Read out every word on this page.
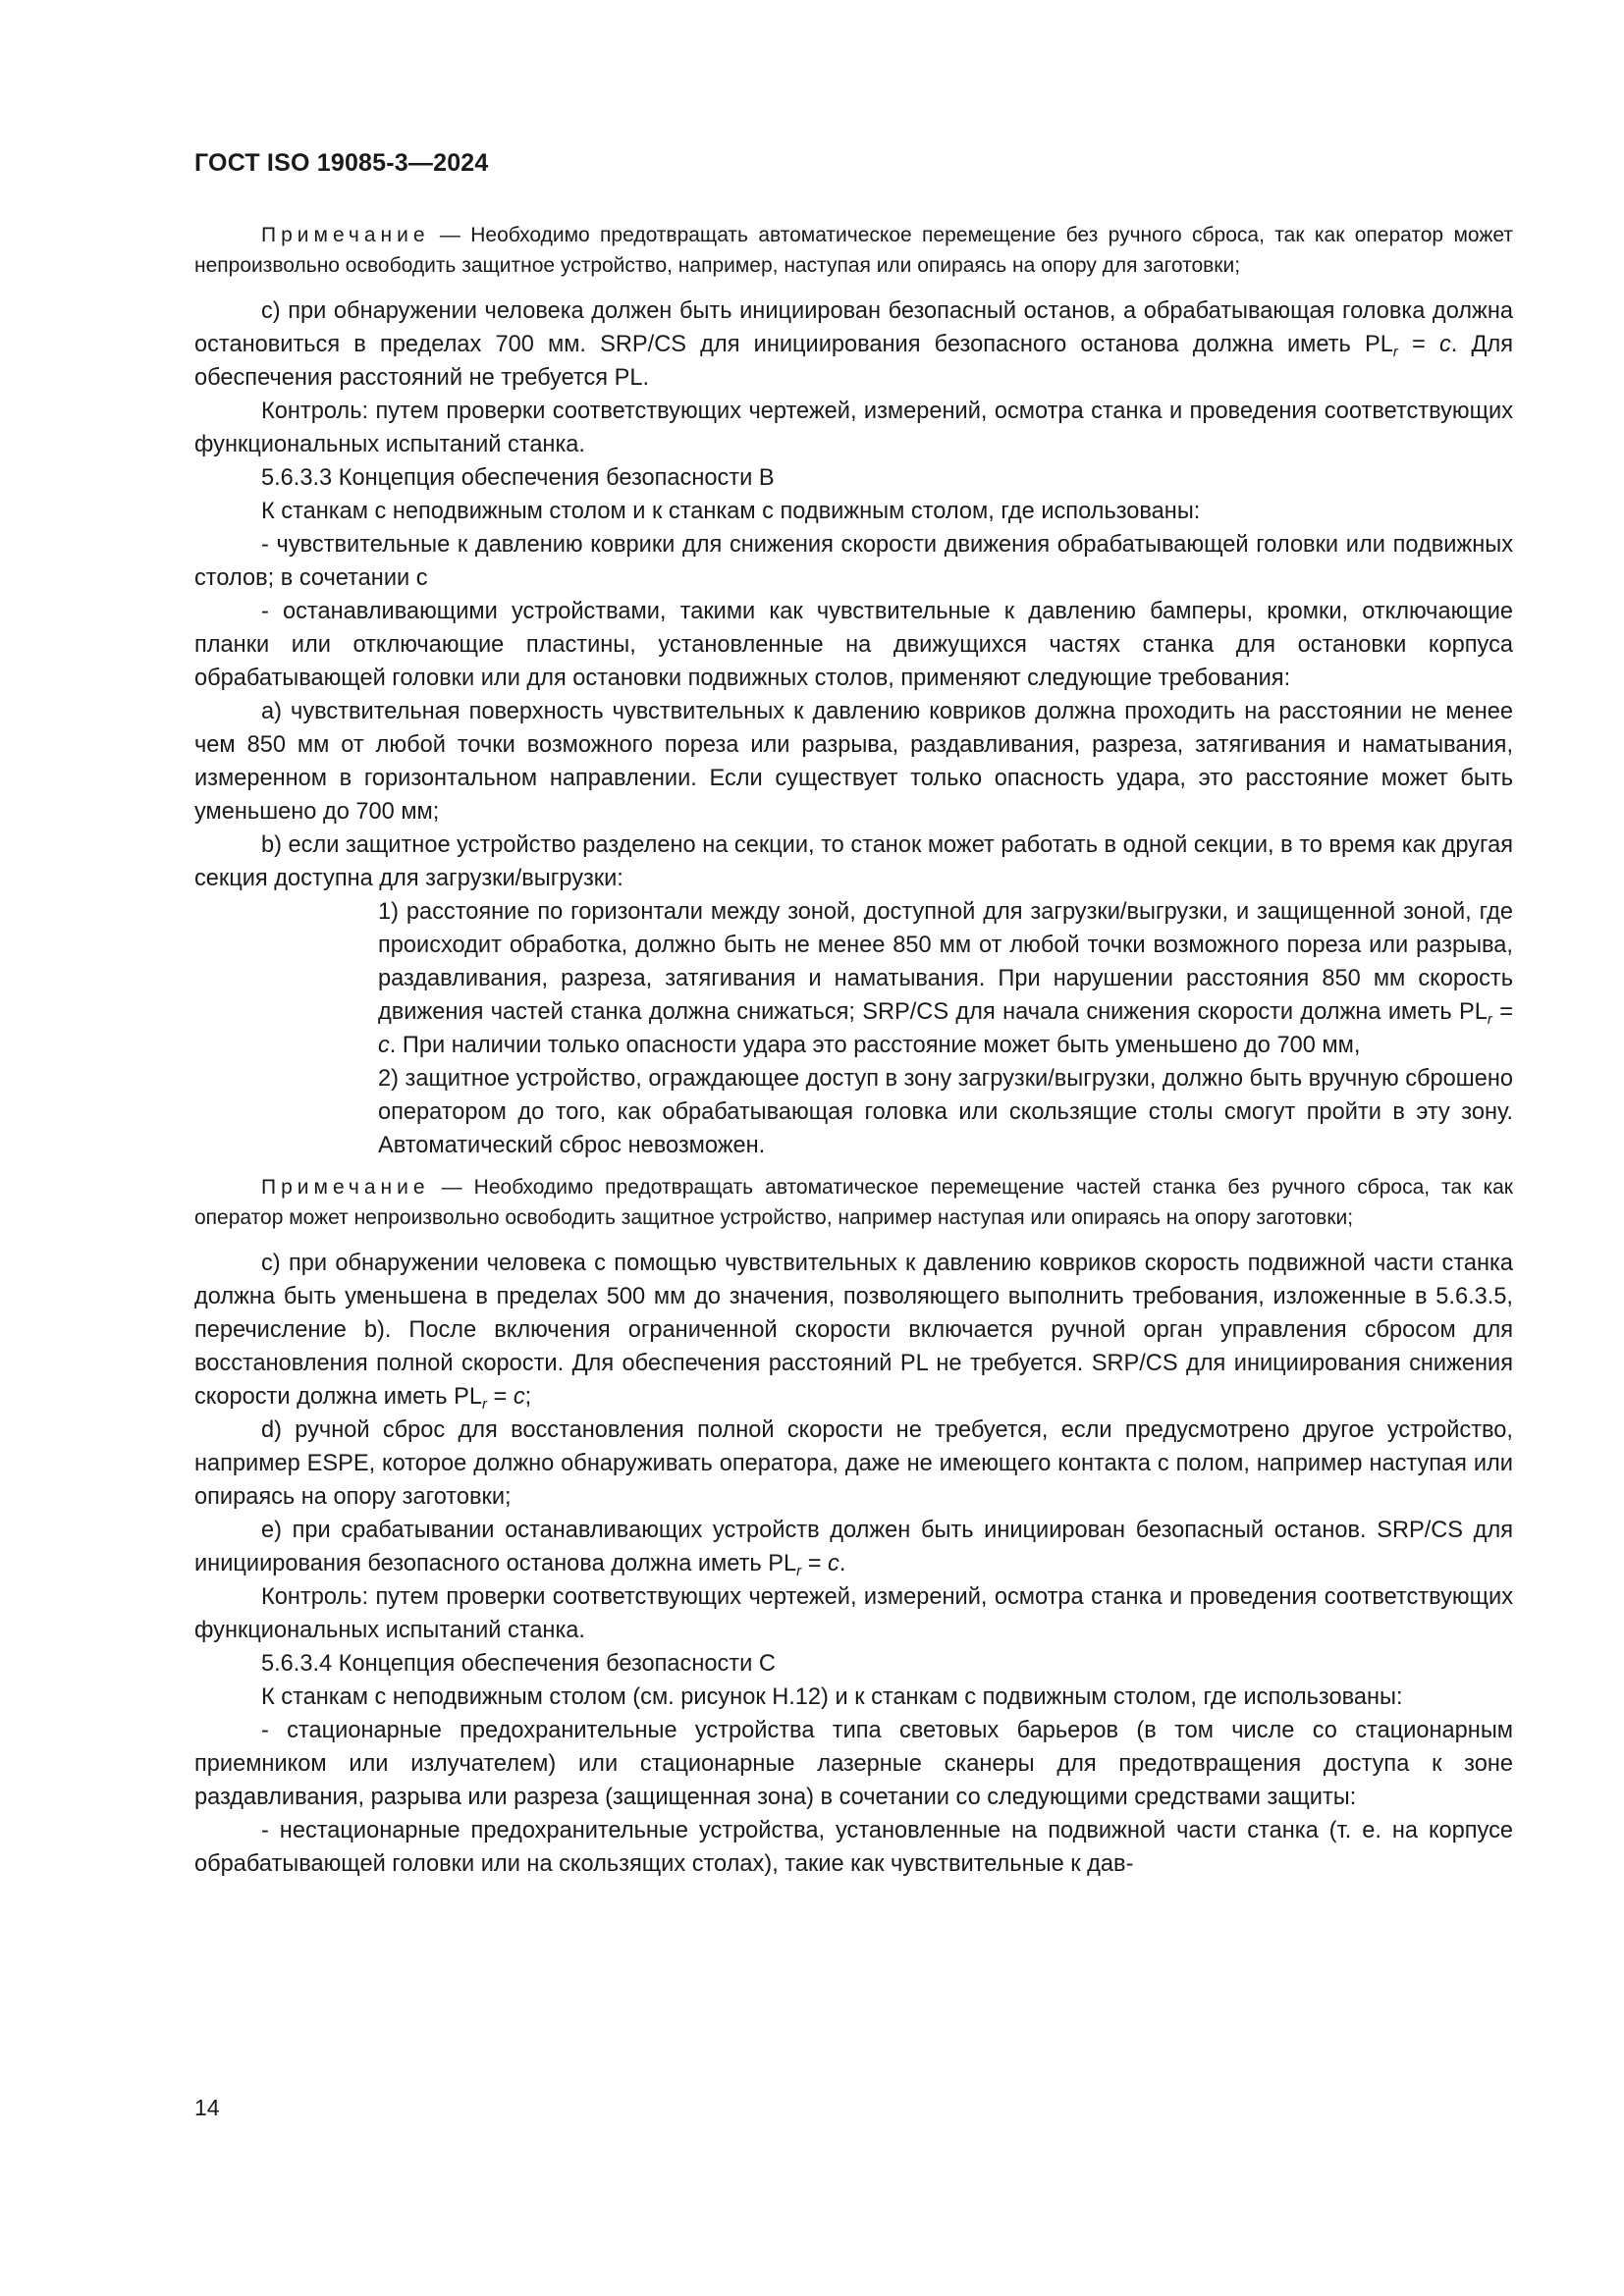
ГОСТ ISO 19085-3—2024
Примечание — Необходимо предотвращать автоматическое перемещение без ручного сброса, так как оператор может непроизвольно освободить защитное устройство, например, наступая или опираясь на опору для заготовки;

с) при обнаружении человека должен быть инициирован безопасный останов, а обрабатывающая головка должна остановиться в пределах 700 мм. SRP/CS для инициирования безопасного останова должна иметь $PL_r = c$. Для обеспечения расстояний не требуется PL.

Контроль: путем проверки соответствующих чертежей, измерений, осмотра станка и проведения соответствующих функциональных испытаний станка.

5.6.3.3 Концепция обеспечения безопасности B

К станкам с неподвижным столом и к станкам с подвижным столом, где использованы:

- чувствительные к давлению коврики для снижения скорости движения обрабатывающей головки или подвижных столов; в сочетании с

- останавливающими устройствами, такими как чувствительные к давлению бамперы, кромки, отключающие планки или отключающие пластины, установленные на движущихся частях станка для остановки корпуса обрабатывающей головки или для остановки подвижных столов, применяют следующие требования:

а) чувствительная поверхность чувствительных к давлению ковриков должна проходить на расстоянии не менее чем 850 мм от любой точки возможного пореза или разрыва, раздавливания, разреза, затягивания и наматывания, измеренном в горизонтальном направлении. Если существует только опасность удара, это расстояние может быть уменьшено до 700 мм;

b) если защитное устройство разделено на секции, то станок может работать в одной секции, в то время как другая секция доступна для загрузки/выгрузки:

1) расстояние по горизонтали между зоной, доступной для загрузки/выгрузки, и защищенной зоной, где происходит обработка, должно быть не менее 850 мм от любой точки возможного пореза или разрыва, раздавливания, разреза, затягивания и наматывания. При нарушении расстояния 850 мм скорость движения частей станка должна снижаться; SRP/CS для начала снижения скорости должна иметь $PL_r = c$. При наличии только опасности удара это расстояние может быть уменьшено до 700 мм,

2) защитное устройство, ограждающее доступ в зону загрузки/выгрузки, должно быть вручную сброшено оператором до того, как обрабатывающая головка или скользящие столы смогут пройти в эту зону. Автоматический сброс невозможен.

Примечание — Необходимо предотвращать автоматическое перемещение частей станка без ручного сброса, так как оператор может непроизвольно освободить защитное устройство, например наступая или опираясь на опору заготовки;

с) при обнаружении человека с помощью чувствительных к давлению ковриков скорость подвижной части станка должна быть уменьшена в пределах 500 мм до значения, позволяющего выполнить требования, изложенные в 5.6.3.5, перечисление b). После включения ограниченной скорости включается ручной орган управления сбросом для восстановления полной скорости. Для обеспечения расстояний PL не требуется. SRP/CS для инициирования снижения скорости должна иметь $PL_r = c$;

d) ручной сброс для восстановления полной скорости не требуется, если предусмотрено другое устройство, например ESPE, которое должно обнаруживать оператора, даже не имеющего контакта с полом, например наступая или опираясь на опору заготовки;

е) при срабатывании останавливающих устройств должен быть инициирован безопасный останов. SRP/CS для инициирования безопасного останова должна иметь $PL_r = c$.

Контроль: путем проверки соответствующих чертежей, измерений, осмотра станка и проведения соответствующих функциональных испытаний станка.

5.6.3.4 Концепция обеспечения безопасности С

К станкам с неподвижным столом (см. рисунок Н.12) и к станкам с подвижным столом, где использованы:

- стационарные предохранительные устройства типа световых барьеров (в том числе со стационарным приемником или излучателем) или стационарные лазерные сканеры для предотвращения доступа к зоне раздавливания, разрыва или разреза (защищенная зона) в сочетании со следующими средствами защиты:

- нестационарные предохранительные устройства, установленные на подвижной части станка (т. е. на корпусе обрабатывающей головки или на скользящих столах), такие как чувствительные к дав-

14
